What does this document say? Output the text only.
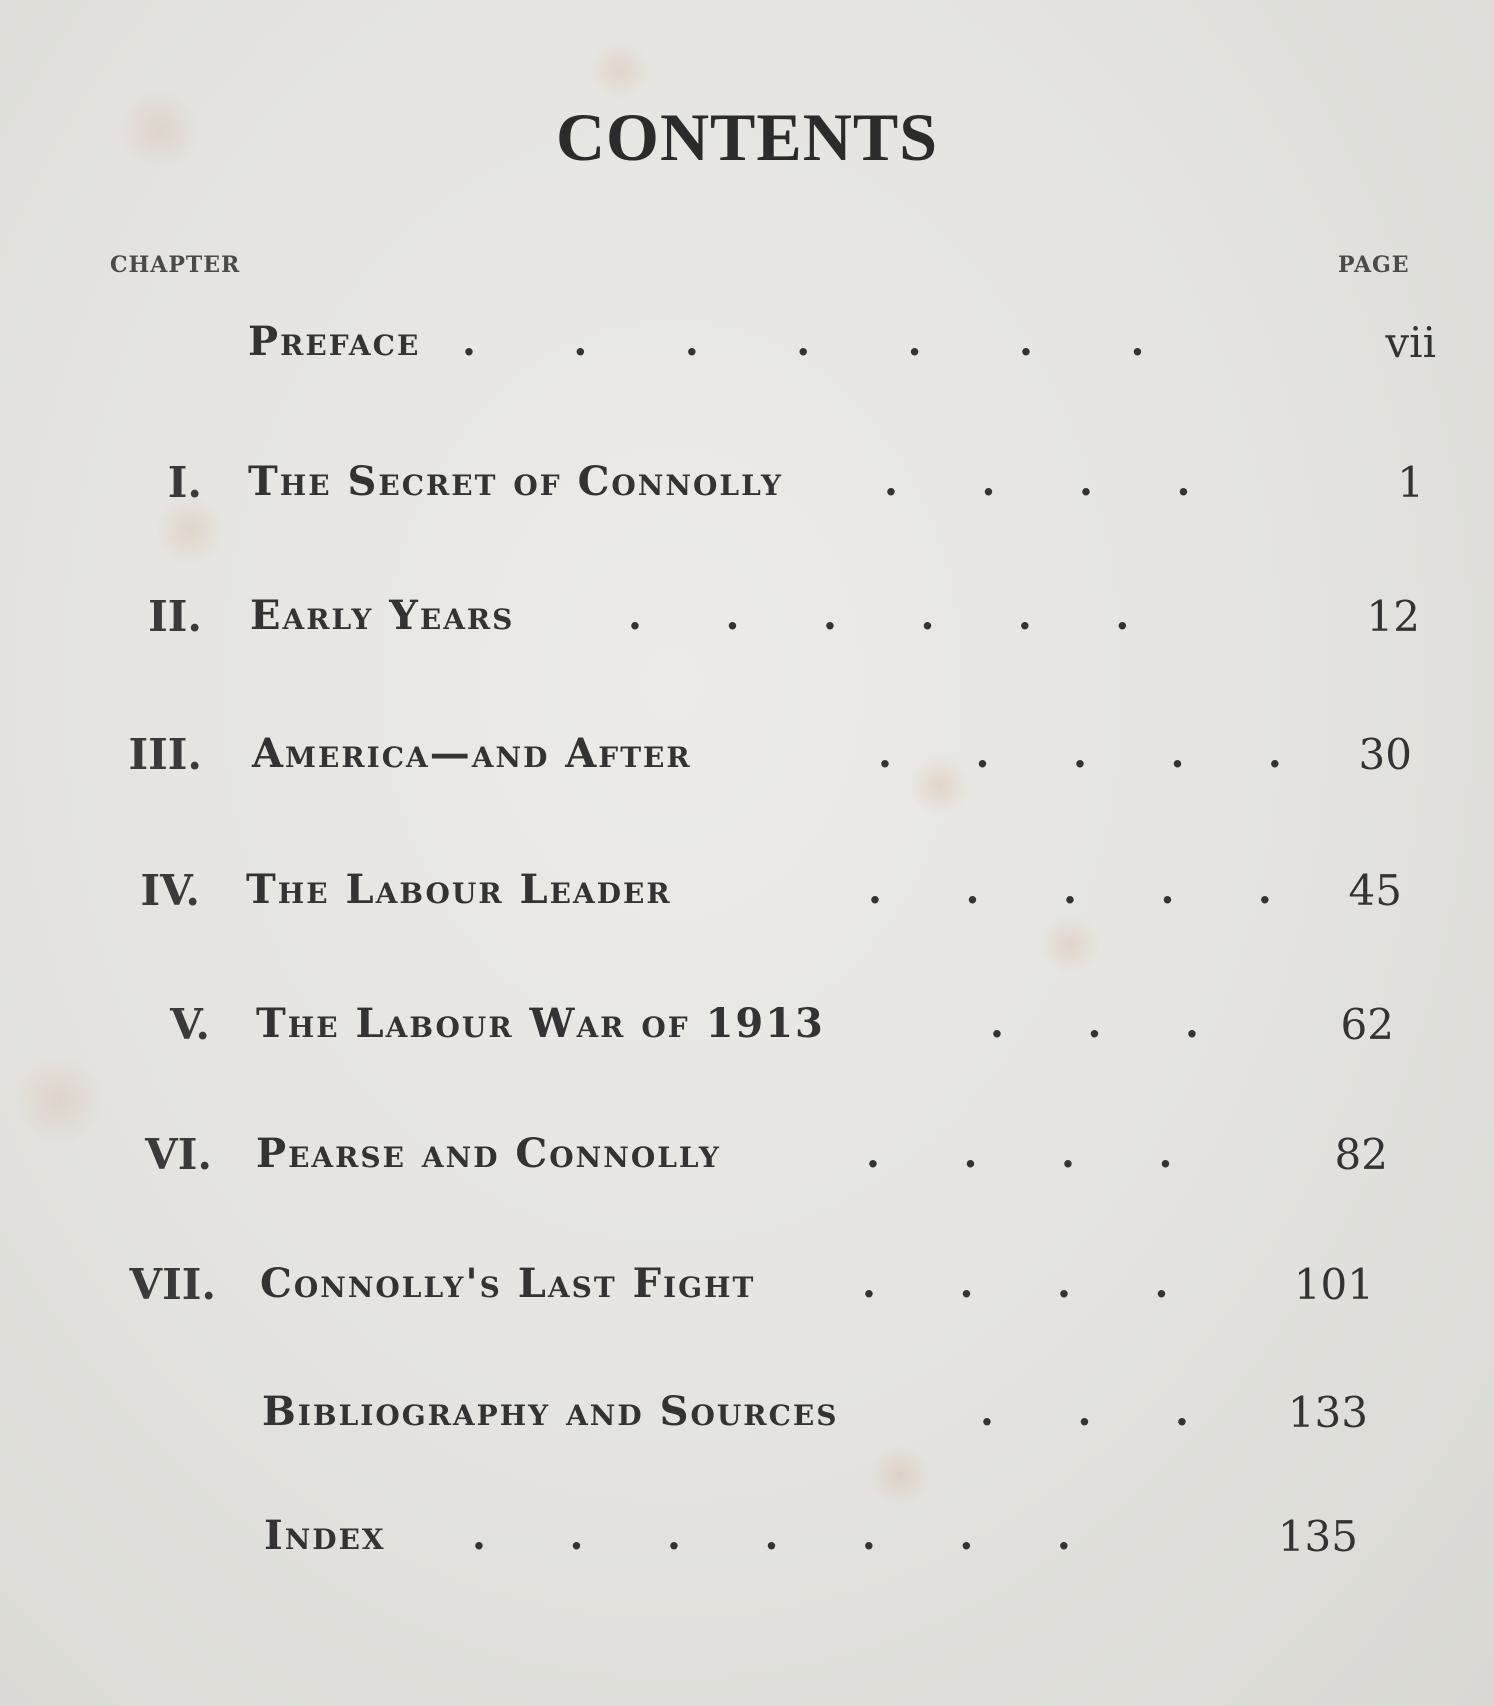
CONTENTS
CHAPTER	PAGE
Preface .       .       .       .       .       .       .	vii
I. The Secret of Connolly	.      .      .      .	1
II. Early Years	.      .      .      .      .      .	12
III. America—and After	.      .      .      .      .	30
IV. The Labour Leader	.      .      .      .      .	45
V. The Labour War of 1913	.      .      .	62
VI. Pearse and Connolly	.      .      .      .	82
VII. Connolly's Last Fight	.      .      .      .	101
Bibliography and Sources	.      .      .	133
Index .      .      .      .      .      .      .	135
